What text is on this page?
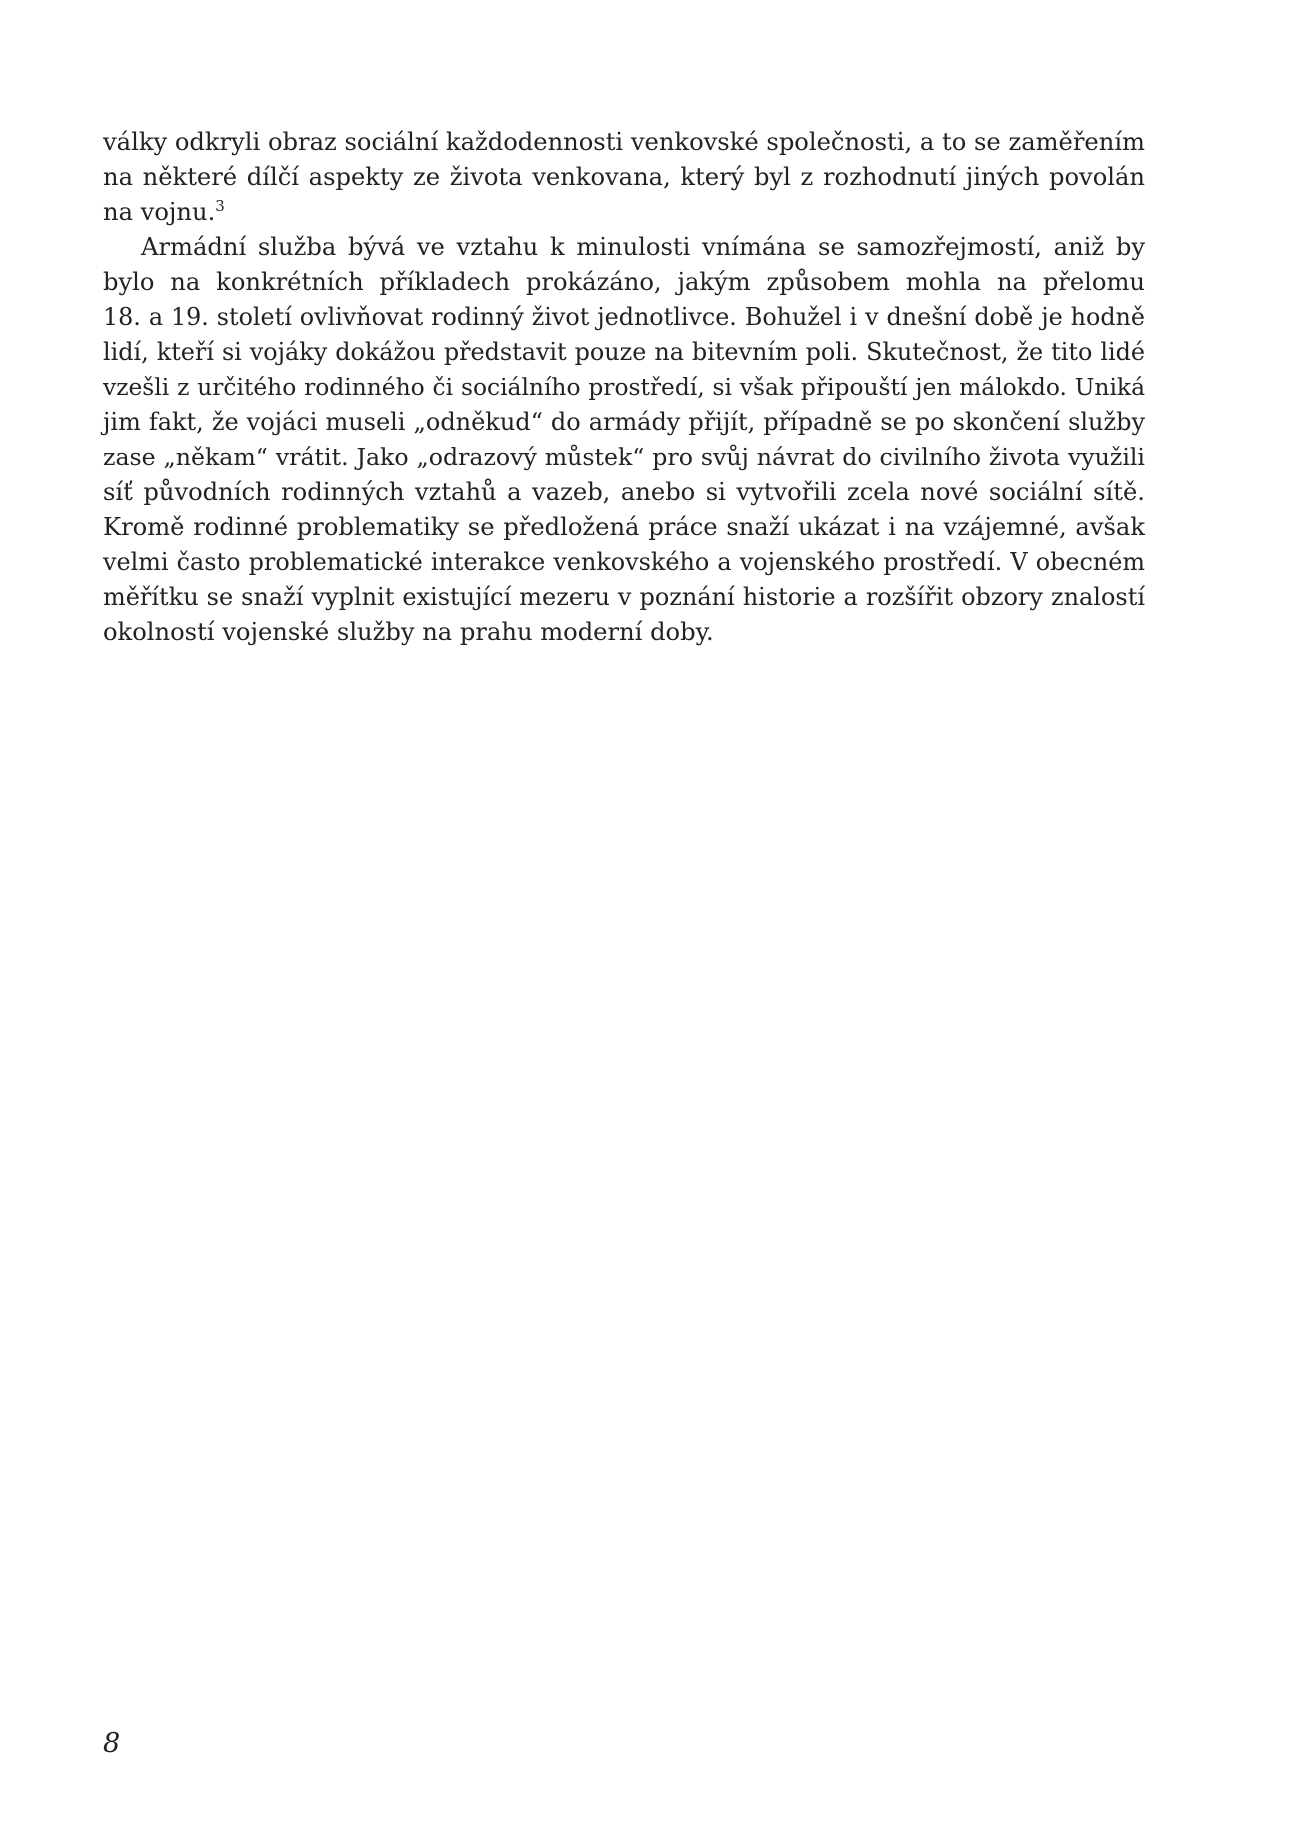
války odkryli obraz sociální každodennosti venkovské společnosti, a to se zaměřením
na některé dílčí aspekty ze života venkovana, který byl z rozhodnutí jiných povolán
na vojnu.$^3$

Armádní služba bývá ve vztahu k minulosti vnímána se samozřejmostí, aniž by
bylo na konkrétních příkladech prokázáno, jakým způsobem mohla na přelomu
18. a 19. století ovlivňovat rodinný život jednotlivce. Bohužel i v dnešní době je hodně
lidí, kteří si vojáky dokážou představit pouze na bitevním poli. Skutečnost, že tito lidé
vzešli z určitého rodinného či sociálního prostředí, si však připouští jen málokdo. Uniká
jim fakt, že vojáci museli „odněkud“ do armády přijít, případně se po skončení služby
zase „někam“ vrátit. Jako „odrazový můstek“ pro svůj návrat do civilního života využili
síť původních rodinných vztahů a vazeb, anebo si vytvořili zcela nové sociální sítě.
Kromě rodinné problematiky se předložená práce snaží ukázat i na vzájemné, avšak
velmi často problematické interakce venkovského a vojenského prostředí. V obecném
měřítku se snaží vyplnit existující mezeru v poznání historie a rozšířit obzory znalostí
okolností vojenské služby na prahu moderní doby.

8
